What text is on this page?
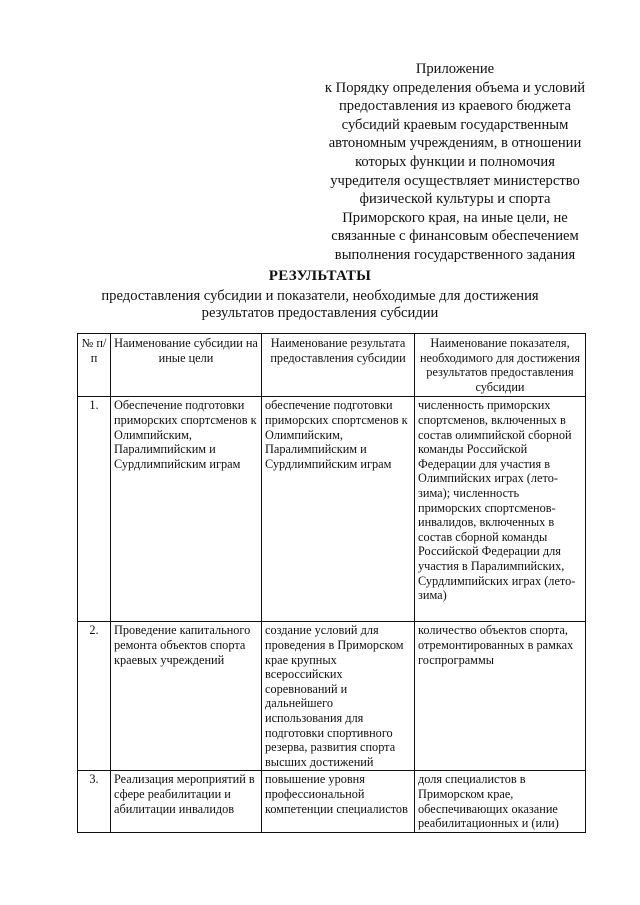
Приложение
к Порядку определения объема и условий
предоставления из краевого бюджета
субсидий краевым государственным
автономным учреждениям, в отношении
которых функции и полномочия
учредителя осуществляет министерство
физической культуры и спорта
Приморского края, на иные цели, не
связанные с финансовым обеспечением
выполнения государственного задания
РЕЗУЛЬТАТЫ
предоставления субсидии и показатели, необходимые для достижения результатов предоставления субсидии
№ п/п	Наименование субсидии на иные цели	Наименование результата предоставления субсидии	Наименование показателя, необходимого для достижения результатов предоставления субсидии
1.	Обеспечение подготовки приморских спортсменов к Олимпийским, Паралимпийским и Сурдлимпийским играм	обеспечение подготовки приморских спортсменов к Олимпийским, Паралимпийским и Сурдлимпийским играм	численность приморских спортсменов, включенных в состав олимпийской сборной команды Российской Федерации для участия в Олимпийских играх (лето-зима); численность приморских спортсменов-инвалидов, включенных в состав сборной команды Российской Федерации для участия в Паралимпийских, Сурдлимпийских играх (лето-зима)
2.	Проведение капитального ремонта объектов спорта краевых учреждений	создание условий для проведения в Приморском крае крупных всероссийских соревнований и дальнейшего использования для подготовки спортивного резерва, развития спорта высших достижений	количество объектов спорта, отремонтированных в рамках госпрограммы
3.	Реализация мероприятий в сфере реабилитации и абилитации инвалидов	повышение уровня профессиональной компетенции специалистов	доля специалистов в Приморском крае, обеспечивающих оказание реабилитационных и (или)
